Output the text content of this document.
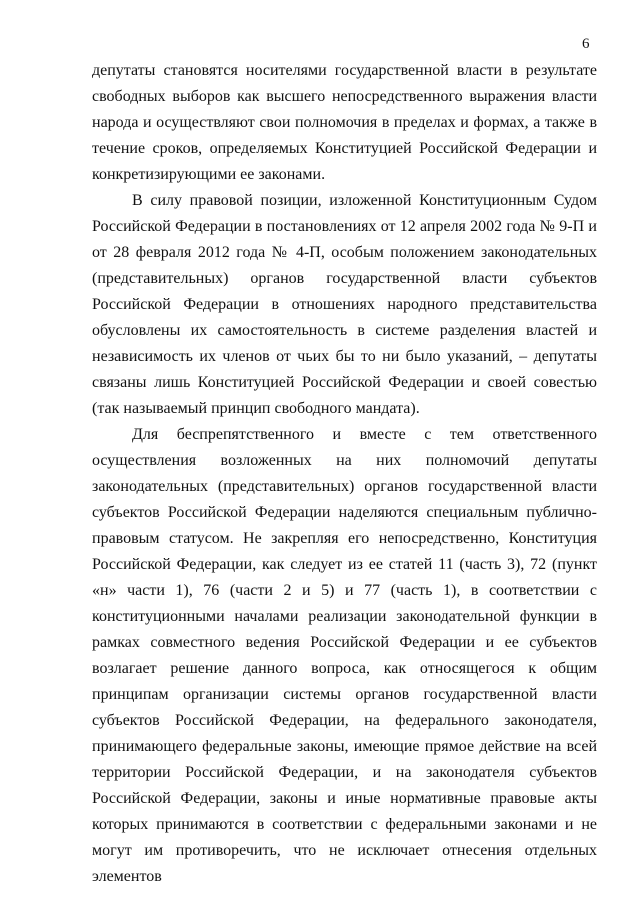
6

депутаты становятся носителями государственной власти в результате свободных выборов как высшего непосредственного выражения власти народа и осуществляют свои полномочия в пределах и формах, а также в течение сроков, определяемых Конституцией Российской Федерации и конкретизирующими ее законами.

В силу правовой позиции, изложенной Конституционным Судом Российской Федерации в постановлениях от 12 апреля 2002 года № 9-П и от 28 февраля 2012 года № 4-П, особым положением законодательных (представительных) органов государственной власти субъектов Российской Федерации в отношениях народного представительства обусловлены их самостоятельность в системе разделения властей и независимость их членов от чьих бы то ни было указаний, – депутаты связаны лишь Конституцией Российской Федерации и своей совестью (так называемый принцип свободного мандата).

Для беспрепятственного и вместе с тем ответственного осуществления возложенных на них полномочий депутаты законодательных (представительных) органов государственной власти субъектов Российской Федерации наделяются специальным публично-правовым статусом. Не закрепляя его непосредственно, Конституция Российской Федерации, как следует из ее статей 11 (часть 3), 72 (пункт «н» части 1), 76 (части 2 и 5) и 77 (часть 1), в соответствии с конституционными началами реализации законодательной функции в рамках совместного ведения Российской Федерации и ее субъектов возлагает решение данного вопроса, как относящегося к общим принципам организации системы органов государственной власти субъектов Российской Федерации, на федерального законодателя, принимающего федеральные законы, имеющие прямое действие на всей территории Российской Федерации, и на законодателя субъектов Российской Федерации, законы и иные нормативные правовые акты которых принимаются в соответствии с федеральными законами и не могут им противоречить, что не исключает отнесения отдельных элементов
